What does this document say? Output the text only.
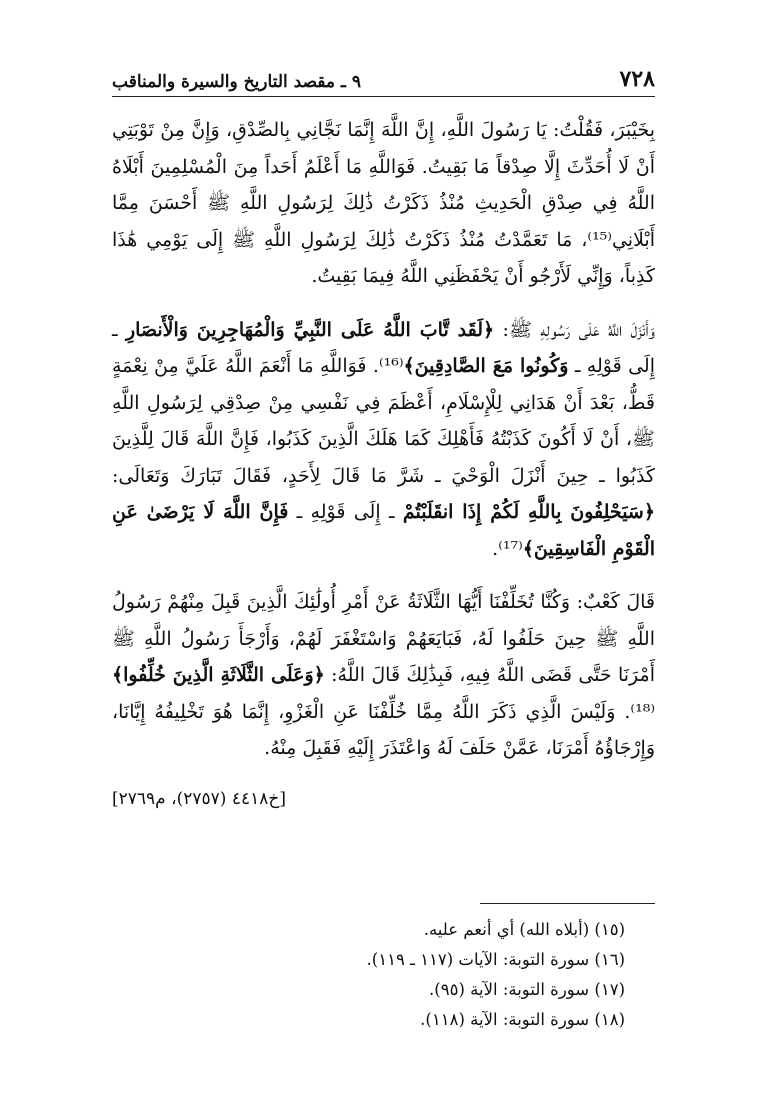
٧٢٨
٩ ـ مقصد التاريخ والسيرة والمناقب

بِخَيْبَرَ، فَقُلْتُ: يَا رَسُولَ اللَّهِ، إِنَّ اللَّهَ إِنَّمَا نَجَّانِي بِالصِّدْقِ، وَإِنَّ مِنْ تَوْبَتِي أَنْ لَا أُحَدِّثَ إِلَّا صِدْقاً مَا بَقِيتُ. فَوَاللَّهِ مَا أَعْلَمُ أَحَداً مِنَ الْمُسْلِمِينَ أَبْلَاهُ اللَّهُ فِي صِدْقِ الْحَدِيثِ مُنْذُ ذَكَرْتُ ذَٰلِكَ لِرَسُولِ اللَّهِ ﷺ أَحْسَنَ مِمَّا أَبْلَانِي⁽¹⁵⁾، مَا تَعَمَّدْتُ مُنْذُ ذَكَرْتُ ذَٰلِكَ لِرَسُولِ اللَّهِ ﷺ إِلَى يَوْمِي هَٰذَا كَذِباً، وَإِنِّي لَأَرْجُو أَنْ يَحْفَظَنِي اللَّهُ فِيمَا بَقِيتُ.

وَأَنْزَلَ اللَّهُ عَلَى رَسُولِهِ ﷺ: ﴿لَقَد تَّابَ اللَّهُ عَلَى النَّبِيِّ وَالْمُهَاجِرِينَ وَالْأَنصَارِ ـ إِلَى قَوْلِهِ ـ وَكُونُوا مَعَ الصَّادِقِينَ﴾⁽¹⁶⁾. فَوَاللَّهِ مَا أَنْعَمَ اللَّهُ عَلَيَّ مِنْ نِعْمَةٍ قَطُّ، بَعْدَ أَنْ هَدَانِي لِلْإِسْلَامِ، أَعْظَمَ فِي نَفْسِي مِنْ صِدْقِي لِرَسُولِ اللَّهِ ﷺ، أَنْ لَا أَكُونَ كَذَبْتُهُ فَأَهْلِكَ كَمَا هَلَكَ الَّذِينَ كَذَبُوا، فَإِنَّ اللَّهَ قَالَ لِلَّذِينَ كَذَبُوا ـ حِينَ أَنْزَلَ الْوَحْيَ ـ شَرَّ مَا قَالَ لِأَحَدٍ، فَقَالَ تَبَارَكَ وَتَعَالَى: ﴿سَيَحْلِفُونَ بِاللَّهِ لَكُمْ إِذَا انقَلَبْتُمْ ـ إِلَى قَوْلِهِ ـ فَإِنَّ اللَّهَ لَا يَرْضَىٰ عَنِ الْقَوْمِ الْفَاسِقِينَ﴾⁽¹⁷⁾.

قَالَ كَعْبٌ: وَكُنَّا تُخَلِّفْنَا أَيُّهَا الثَّلَاثَةُ عَنْ أَمْرِ أُولَٰئِكَ الَّذِينَ قَبِلَ مِنْهُمْ رَسُولُ اللَّهِ ﷺ حِينَ حَلَفُوا لَهُ، فَبَايَعَهُمْ وَاسْتَغْفَرَ لَهُمْ، وَأَرْجَأَ رَسُولُ اللَّهِ ﷺ أَمْرَنَا حَتَّى قَضَى اللَّهُ فِيهِ، فَبِذَٰلِكَ قَالَ اللَّهُ: ﴿وَعَلَى الثَّلَاثَةِ الَّذِينَ خُلِّفُوا﴾⁽¹⁸⁾. وَلَيْسَ الَّذِي ذَكَرَ اللَّهُ مِمَّا خُلِّفْنَا عَنِ الْغَزْوِ، إِنَّمَا هُوَ تَخْلِيفُهُ إِيَّانَا، وَإِرْجَاؤُهُ أَمْرَنَا، عَمَّنْ حَلَفَ لَهُ وَاعْتَذَرَ إِلَيْهِ فَقَبِلَ مِنْهُ.

[خ٤٤١٨ (٢٧٥٧)، م٢٧٦٩]
(١٥) (أبلاه الله) أي أنعم عليه.
(١٦) سورة التوبة: الآيات (١١٧ ـ ١١٩).
(١٧) سورة التوبة: الآية (٩٥).
(١٨) سورة التوبة: الآية (١١٨).
